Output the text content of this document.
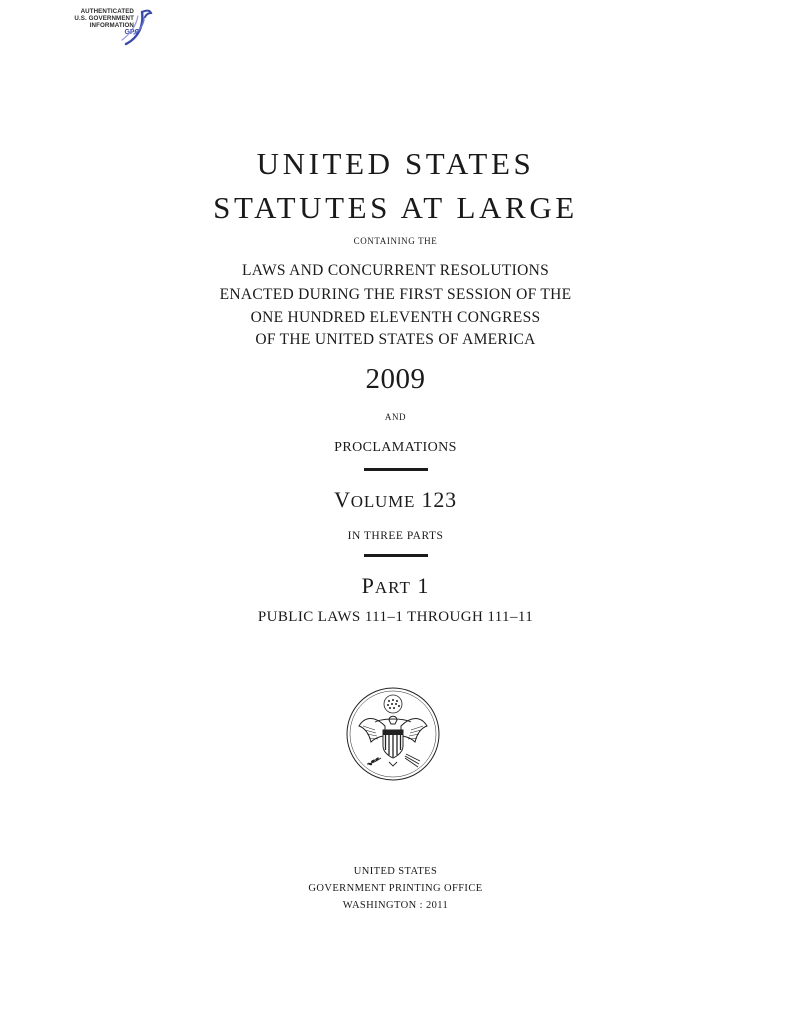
AUTHENTICATED
U.S. GOVERNMENT
INFORMATION
GPO
UNITED STATES
STATUTES AT LARGE
CONTAINING THE
LAWS AND CONCURRENT RESOLUTIONS
ENACTED DURING THE FIRST SESSION OF THE
ONE HUNDRED ELEVENTH CONGRESS
OF THE UNITED STATES OF AMERICA
2009
AND
PROCLAMATIONS
VOLUME 123
IN THREE PARTS
PART 1
PUBLIC LAWS 111–1 THROUGH 111–11
UNITED STATES
GOVERNMENT PRINTING OFFICE
WASHINGTON : 2011
